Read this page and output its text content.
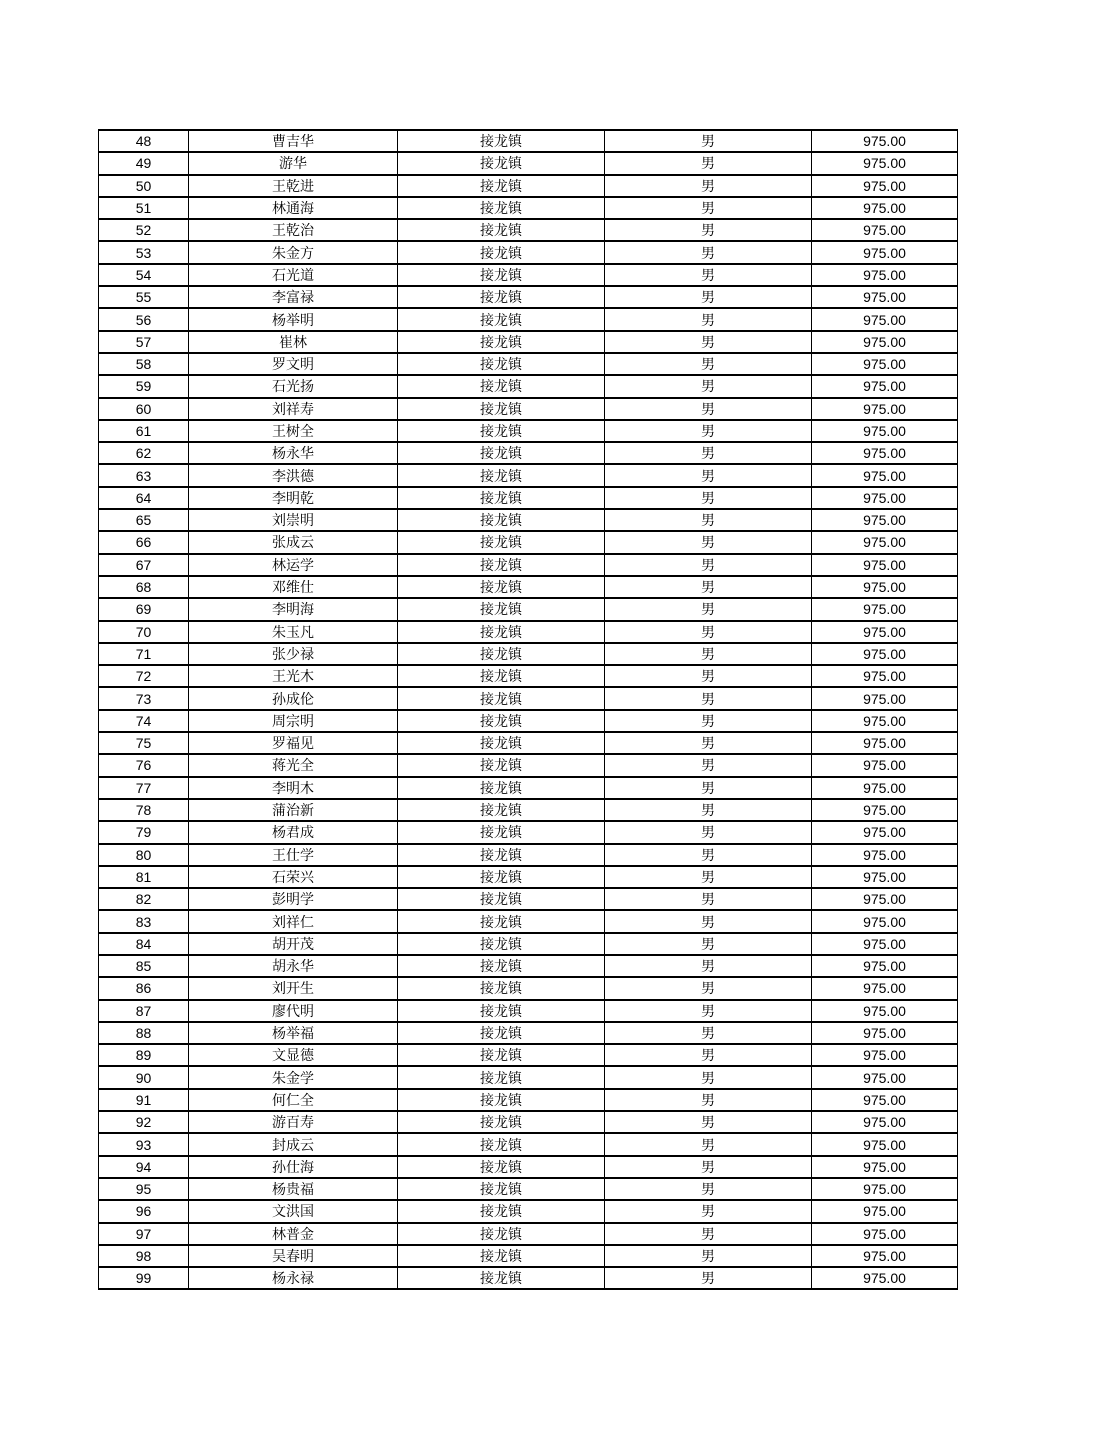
48	曹吉华	接龙镇	男	975.00
49	游华	接龙镇	男	975.00
50	王乾进	接龙镇	男	975.00
51	林通海	接龙镇	男	975.00
52	王乾治	接龙镇	男	975.00
53	朱金方	接龙镇	男	975.00
54	石光道	接龙镇	男	975.00
55	李富禄	接龙镇	男	975.00
56	杨举明	接龙镇	男	975.00
57	崔林	接龙镇	男	975.00
58	罗文明	接龙镇	男	975.00
59	石光扬	接龙镇	男	975.00
60	刘祥寿	接龙镇	男	975.00
61	王树全	接龙镇	男	975.00
62	杨永华	接龙镇	男	975.00
63	李洪德	接龙镇	男	975.00
64	李明乾	接龙镇	男	975.00
65	刘崇明	接龙镇	男	975.00
66	张成云	接龙镇	男	975.00
67	林运学	接龙镇	男	975.00
68	邓维仕	接龙镇	男	975.00
69	李明海	接龙镇	男	975.00
70	朱玉凡	接龙镇	男	975.00
71	张少禄	接龙镇	男	975.00
72	王光木	接龙镇	男	975.00
73	孙成伦	接龙镇	男	975.00
74	周宗明	接龙镇	男	975.00
75	罗福见	接龙镇	男	975.00
76	蒋光全	接龙镇	男	975.00
77	李明木	接龙镇	男	975.00
78	蒲治新	接龙镇	男	975.00
79	杨君成	接龙镇	男	975.00
80	王仕学	接龙镇	男	975.00
81	石荣兴	接龙镇	男	975.00
82	彭明学	接龙镇	男	975.00
83	刘祥仁	接龙镇	男	975.00
84	胡开茂	接龙镇	男	975.00
85	胡永华	接龙镇	男	975.00
86	刘开生	接龙镇	男	975.00
87	廖代明	接龙镇	男	975.00
88	杨举福	接龙镇	男	975.00
89	文显德	接龙镇	男	975.00
90	朱金学	接龙镇	男	975.00
91	何仁全	接龙镇	男	975.00
92	游百寿	接龙镇	男	975.00
93	封成云	接龙镇	男	975.00
94	孙仕海	接龙镇	男	975.00
95	杨贵福	接龙镇	男	975.00
96	文洪国	接龙镇	男	975.00
97	林普金	接龙镇	男	975.00
98	吴春明	接龙镇	男	975.00
99	杨永禄	接龙镇	男	975.00
